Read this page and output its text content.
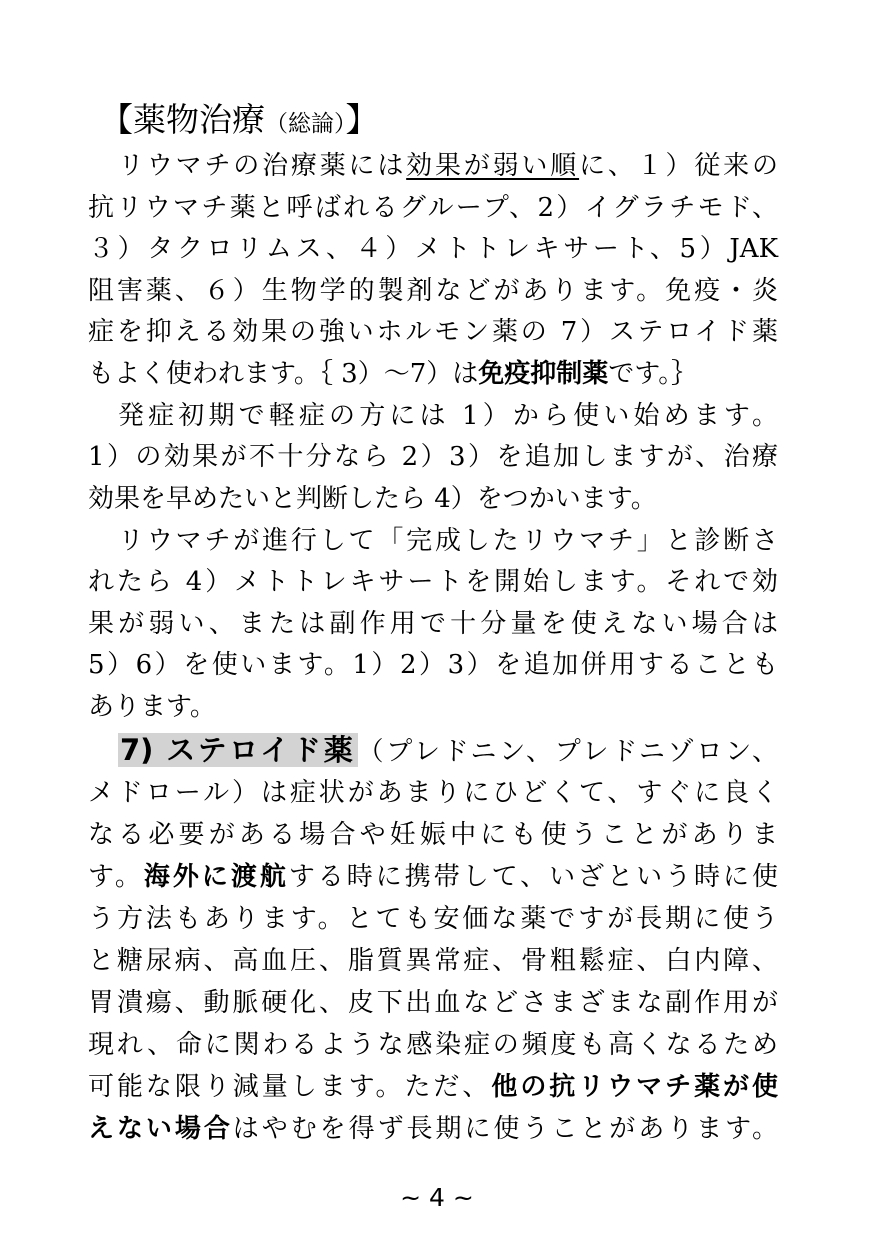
【薬物治療（総論）】
リウマチの治療薬には効果が弱い順に、１）従来の
抗リウマチ薬と呼ばれるグループ、2）イグラチモド、
３）タクロリムス、４）メトトレキサート、5）JAK
阻害薬、６）生物学的製剤などがあります。免疫・炎
症を抑える効果の強いホルモン薬の 7）ステロイド薬
もよく使われます。｛ 3）～7）は免疫抑制薬です。｝
発症初期で軽症の方には 1）から使い始めます。
1）の効果が不十分なら 2）3）を追加しますが、治療
効果を早めたいと判断したら 4）をつかいます。
リウマチが進行して「完成したリウマチ」と診断さ
れたら 4）メトトレキサートを開始します。それで効
果が弱い、または副作用で十分量を使えない場合は
5）6）を使います。1）2）3）を追加併用することも
あります。
7) ステロイド薬（プレドニン、プレドニゾロン、
メドロール）は症状があまりにひどくて、すぐに良く
なる必要がある場合や妊娠中にも使うことがありま
す。海外に渡航する時に携帯して、いざという時に使
う方法もあります。とても安価な薬ですが長期に使う
と糖尿病、高血圧、脂質異常症、骨粗鬆症、白内障、
胃潰瘍、動脈硬化、皮下出血などさまざまな副作用が
現れ、命に関わるような感染症の頻度も高くなるため
可能な限り減量します。ただ、他の抗リウマチ薬が使
えない場合はやむを得ず長期に使うことがあります。
~ 4 ~
